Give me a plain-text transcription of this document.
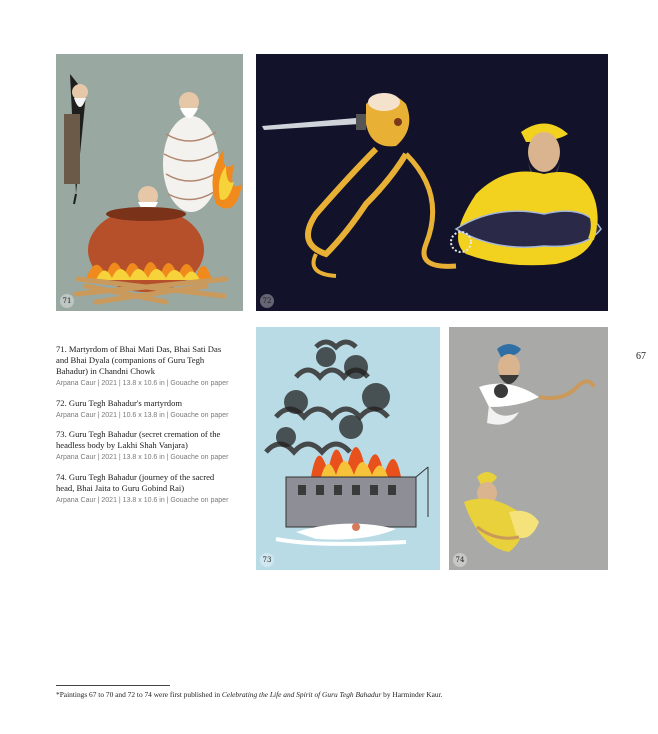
71	72
73	74
71. Martyrdom of Bhai Mati Das, Bhai Sati Das and Bhai Dyala (companions of Guru Tegh Bahadur) in Chandni Chowk
Arpana Caur | 2021 | 13.8 x 10.6 in | Gouache on paper
72. Guru Tegh Bahadur's martyrdom
Arpana Caur | 2021 | 10.6 x 13.8 in | Gouache on paper
73. Guru Tegh Bahadur (secret cremation of the headless body by Lakhi Shah Vanjara)
Arpana Caur | 2021 | 13.8 x 10.6 in | Gouache on paper
74. Guru Tegh Bahadur (journey of the sacred head, Bhai Jaita to Guru Gobind Rai)
Arpana Caur | 2021 | 13.8 x 10.6 in | Gouache on paper
67
*Paintings 67 to 70 and 72 to 74 were first published in Celebrating the Life and Spirit of Guru Tegh Bahadur by Harminder Kaur.
